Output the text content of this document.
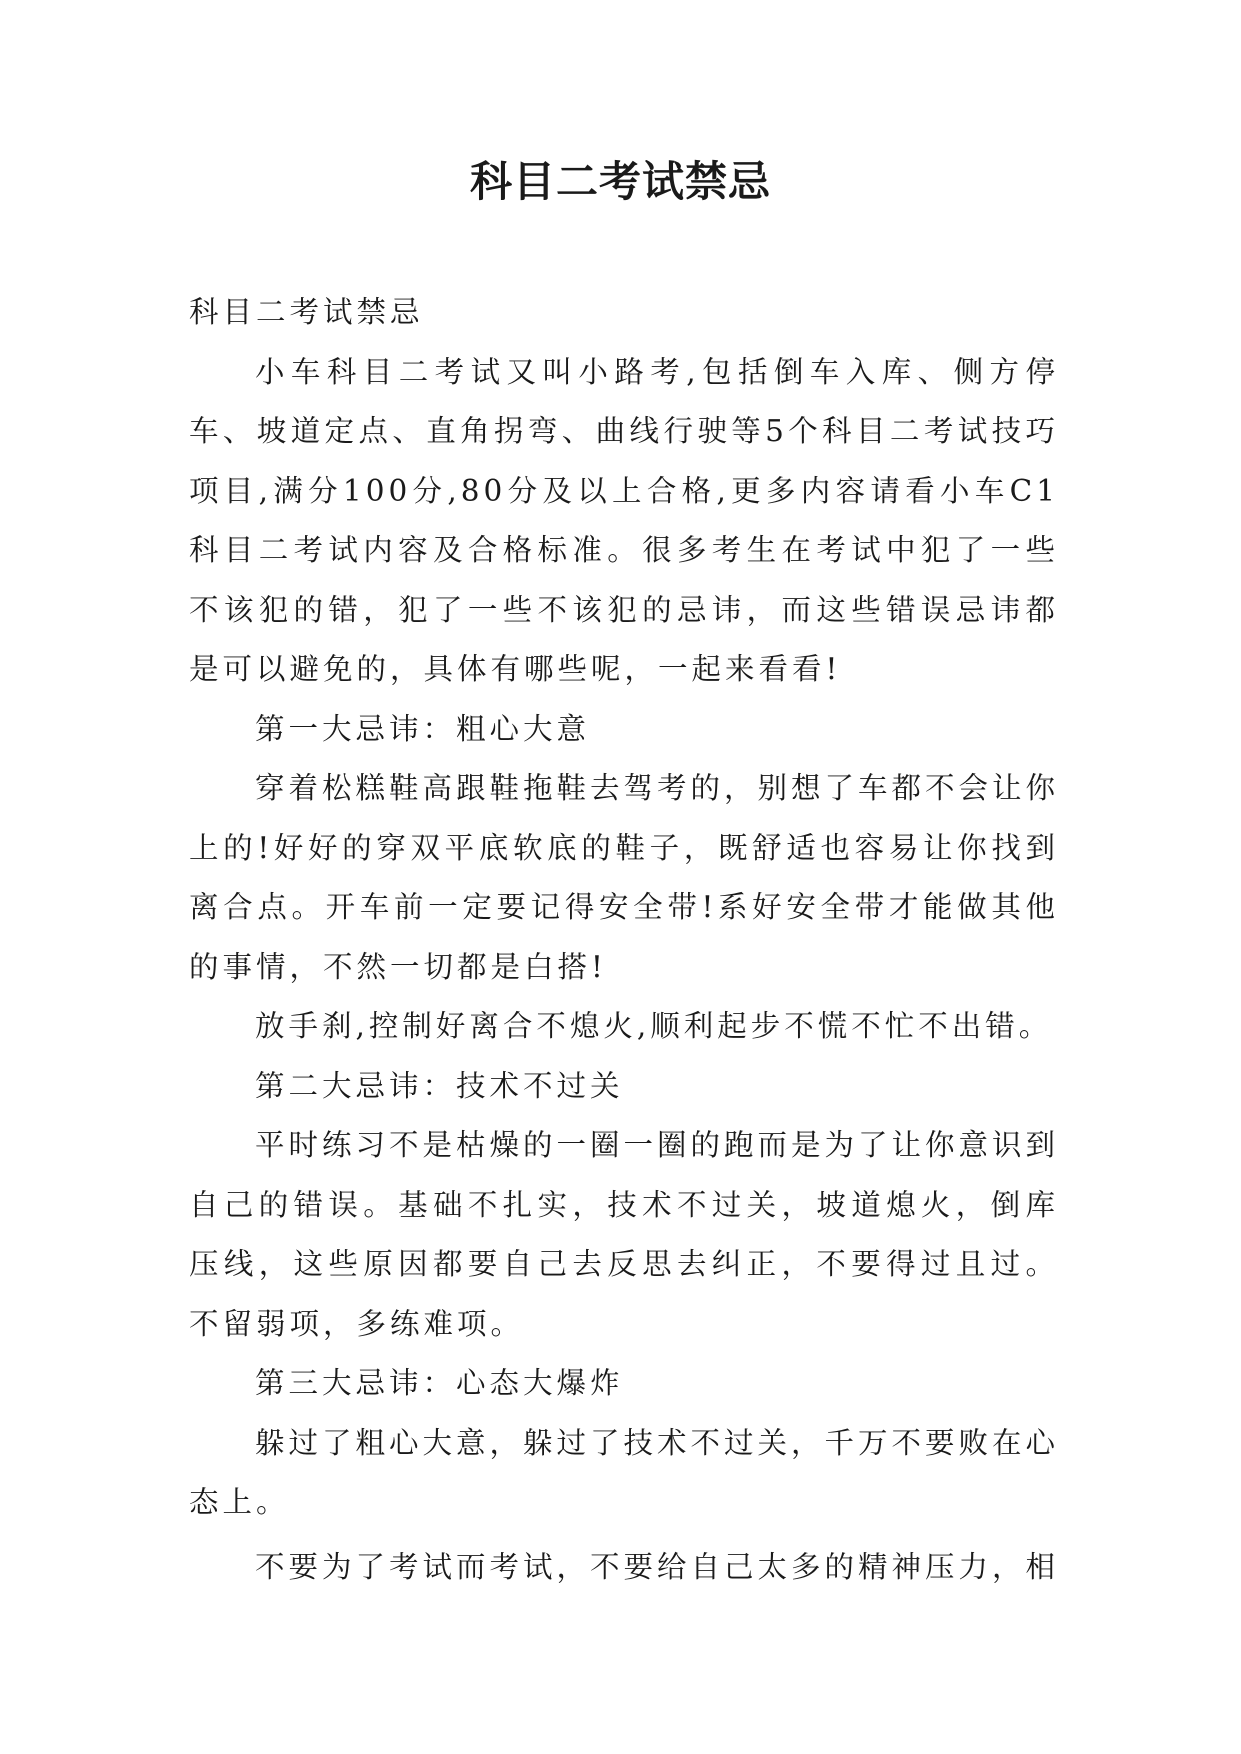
科目二考试禁忌

科目二考试禁忌

小车科目二考试又叫小路考,包括倒车入库、侧方停车、坡道定点、直角拐弯、曲线行驶等5个科目二考试技巧项目,满分100分,80分及以上合格,更多内容请看小车C1科目二考试内容及合格标准。很多考生在考试中犯了一些不该犯的错，犯了一些不该犯的忌讳，而这些错误忌讳都是可以避免的，具体有哪些呢，一起来看看!

第一大忌讳：粗心大意

穿着松糕鞋高跟鞋拖鞋去驾考的，别想了车都不会让你上的!好好的穿双平底软底的鞋子，既舒适也容易让你找到离合点。开车前一定要记得安全带!系好安全带才能做其他的事情，不然一切都是白搭!

放手刹,控制好离合不熄火,顺利起步不慌不忙不出错。

第二大忌讳：技术不过关

平时练习不是枯燥的一圈一圈的跑而是为了让你意识到自己的错误。基础不扎实，技术不过关，坡道熄火，倒库压线，这些原因都要自己去反思去纠正，不要得过且过。不留弱项，多练难项。

第三大忌讳：心态大爆炸

躲过了粗心大意，躲过了技术不过关，千万不要败在心态上。

不要为了考试而考试，不要给自己太多的精神压力，相
